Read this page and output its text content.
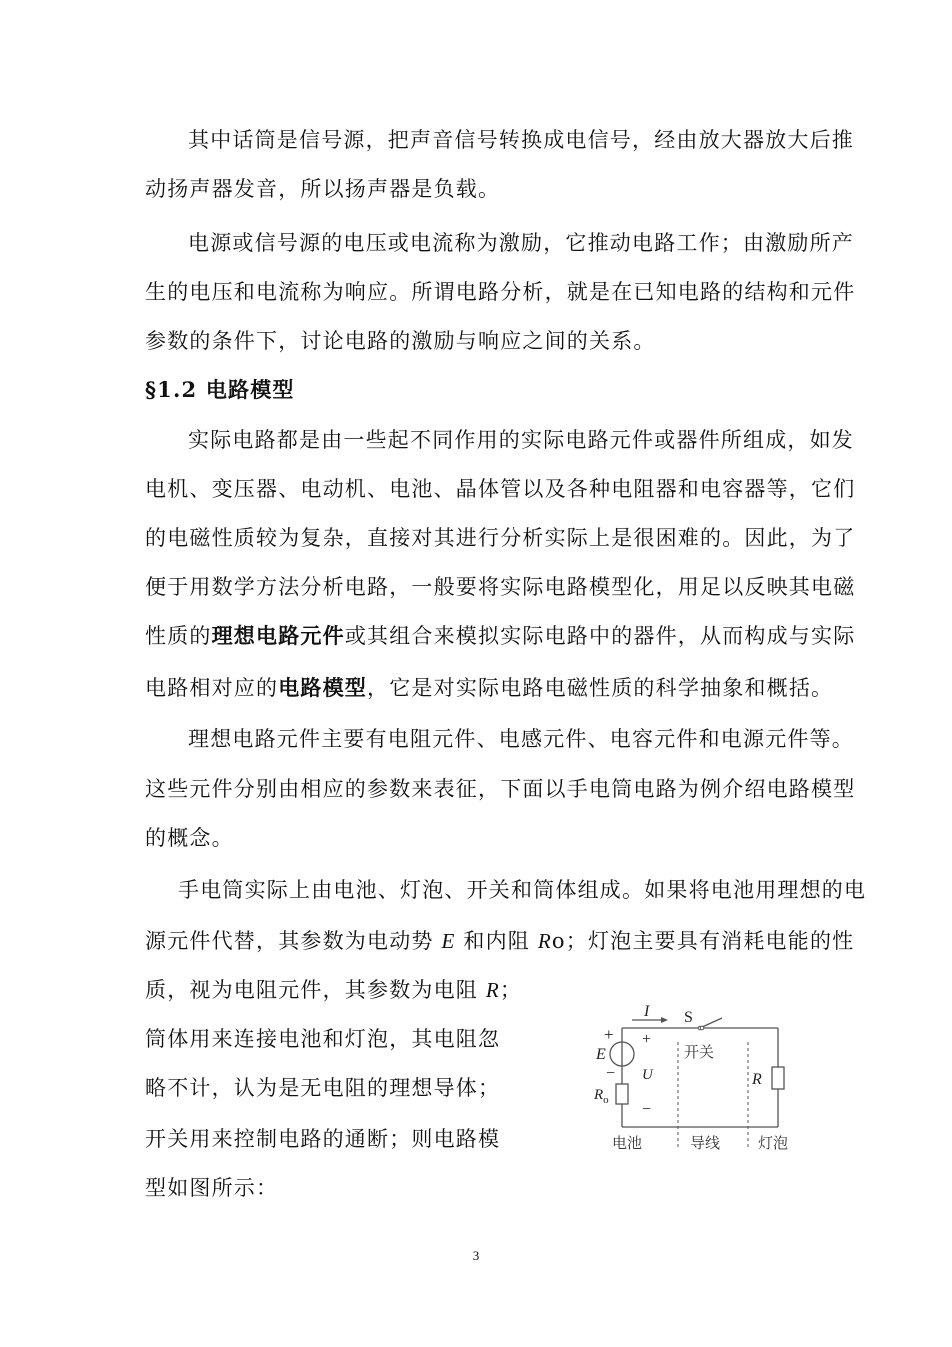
其中话筒是信号源，把声音信号转换成电信号，经由放大器放大后推
动扬声器发音，所以扬声器是负载。
电源或信号源的电压或电流称为激励，它推动电路工作；由激励所产
生的电压和电流称为响应。所谓电路分析，就是在已知电路的结构和元件
参数的条件下，讨论电路的激励与响应之间的关系。
§1.2 电路模型
实际电路都是由一些起不同作用的实际电路元件或器件所组成，如发
电机、变压器、电动机、电池、晶体管以及各种电阻器和电容器等，它们
的电磁性质较为复杂，直接对其进行分析实际上是很困难的。因此，为了
便于用数学方法分析电路，一般要将实际电路模型化，用足以反映其电磁
性质的理想电路元件或其组合来模拟实际电路中的器件，从而构成与实际
电路相对应的电路模型，它是对实际电路电磁性质的科学抽象和概括。
理想电路元件主要有电阻元件、电感元件、电容元件和电源元件等。
这些元件分别由相应的参数来表征，下面以手电筒电路为例介绍电路模型
的概念。
手电筒实际上由电池、灯泡、开关和筒体组成。如果将电池用理想的电
源元件代替，其参数为电动势 E 和内阻 Ro；灯泡主要具有消耗电能的性
质，视为电阻元件，其参数为电阻 R；
筒体用来连接电池和灯泡，其电阻忽
略不计，认为是无电阻的理想导体；
开关用来控制电路的通断；则电路模
型如图所示：
I S
开关
+ +
E
− U
$R_o$
−
R
电池	导线	灯泡
3
